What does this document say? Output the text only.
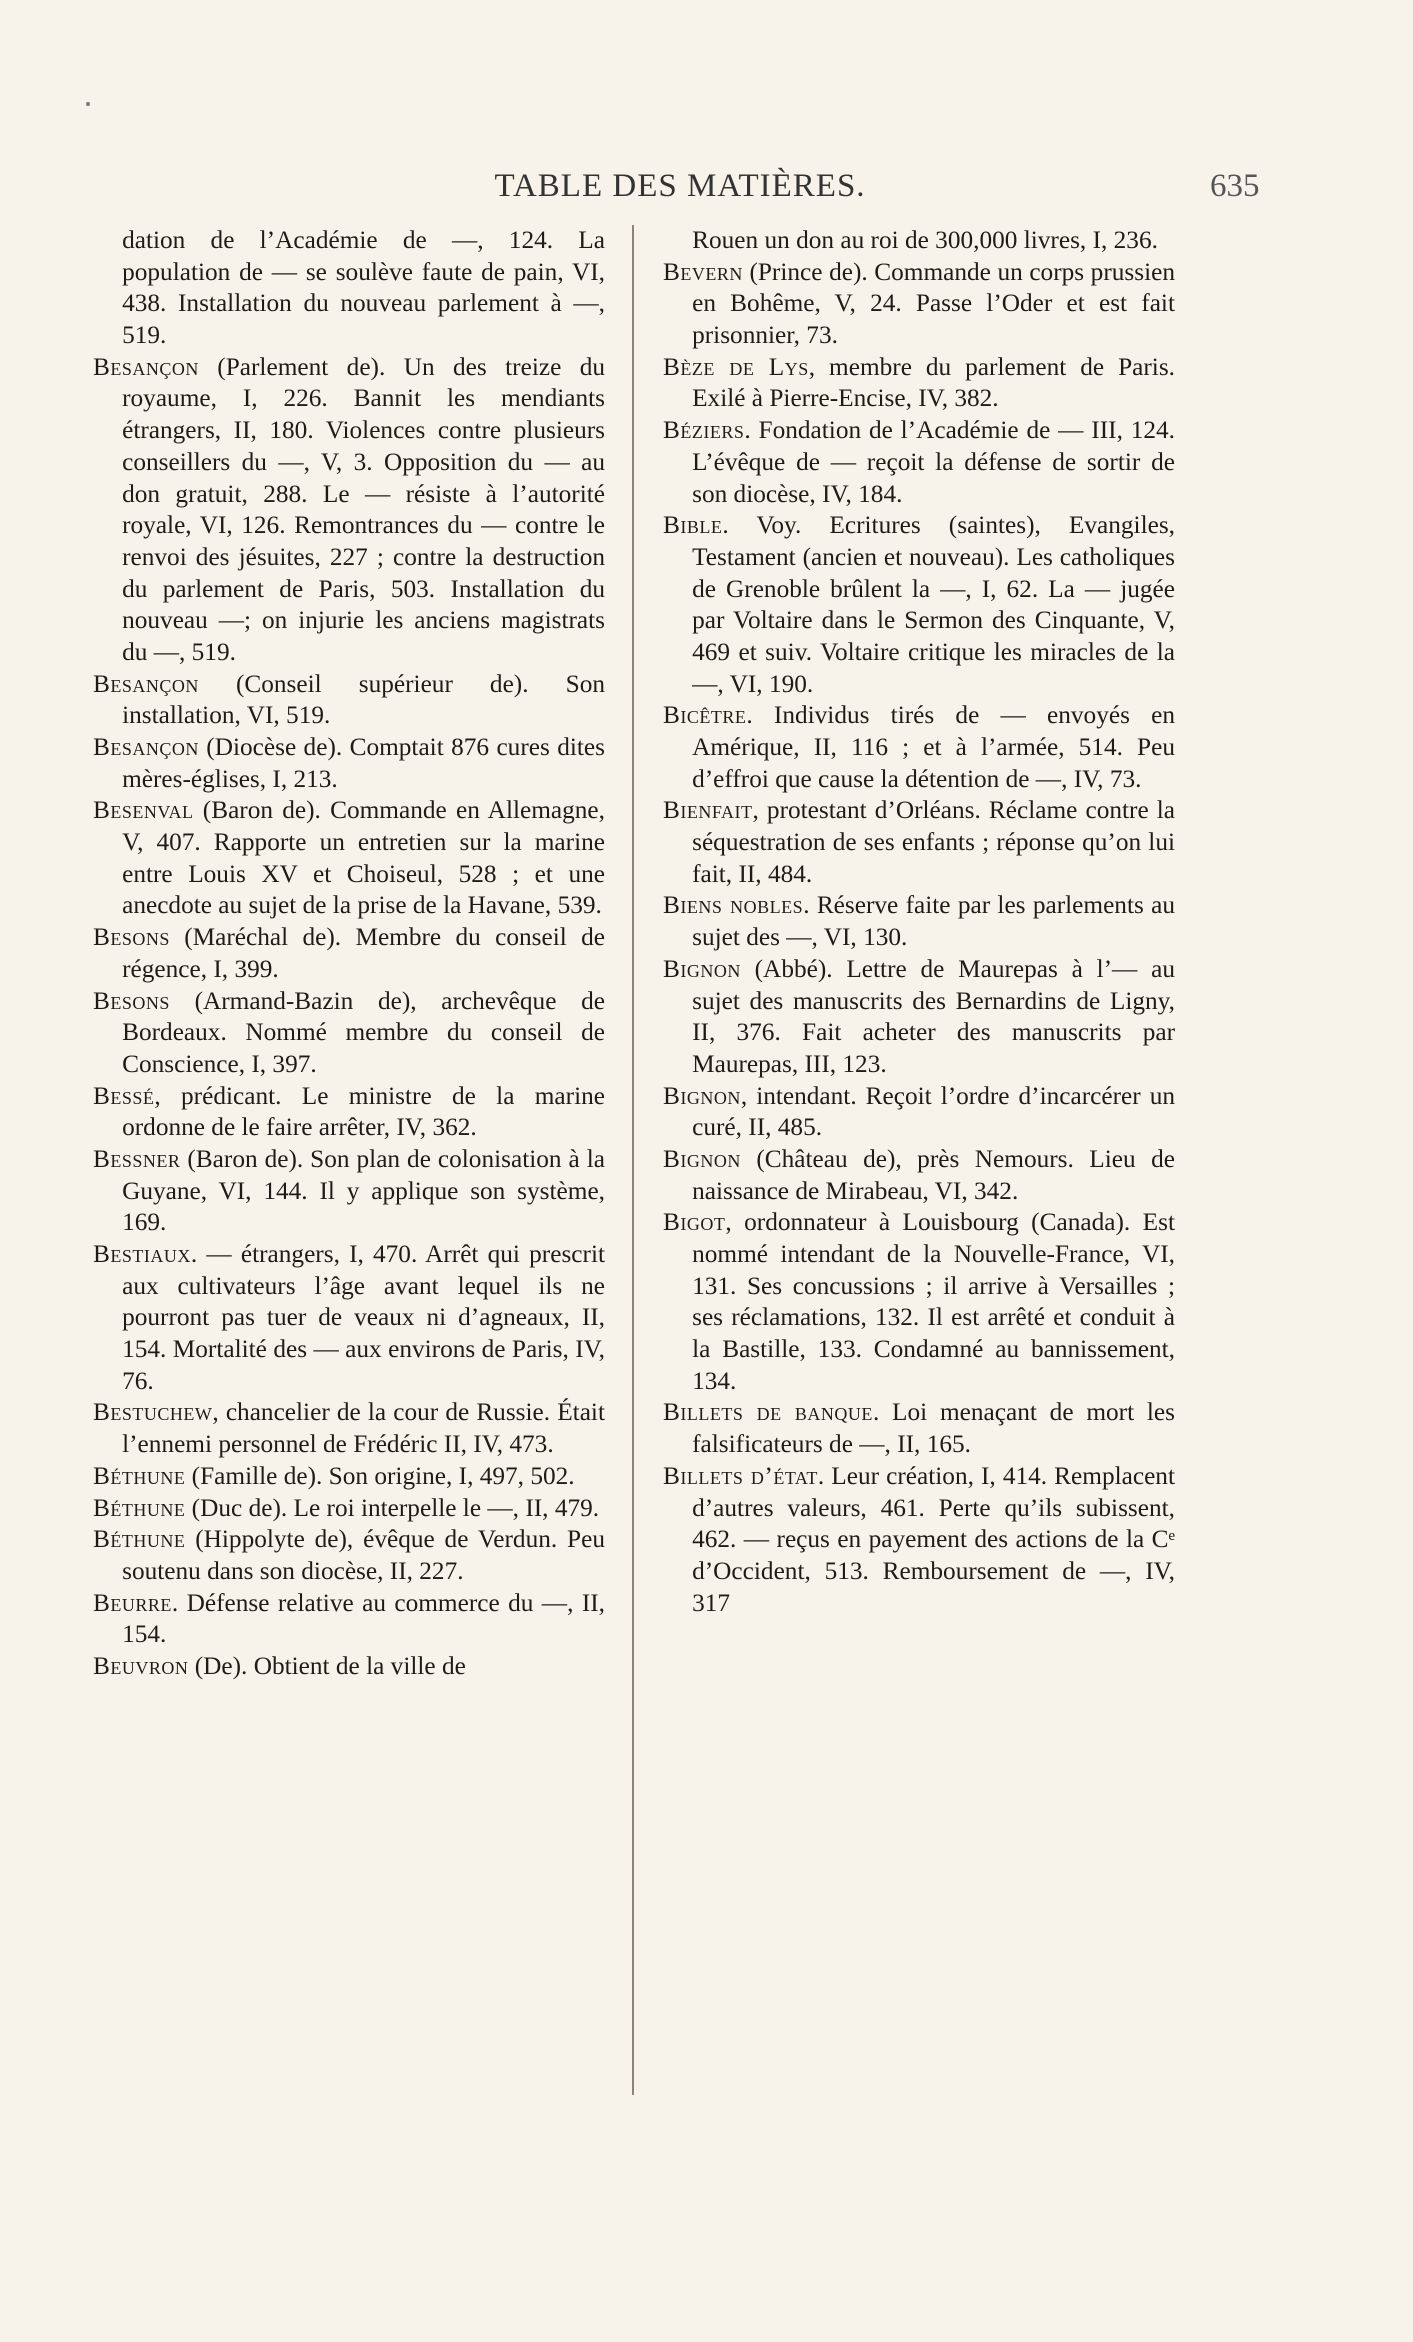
TABLE DES MATIÈRES.	635

dation de l’Académie de —, 124. La population de — se soulève faute de pain, VI, 438. Installation du nouveau parlement à —, 519.

Besançon (Parlement de). Un des treize du royaume, I, 226. Bannit les mendiants étrangers, II, 180. Violences contre plusieurs conseillers du —, V, 3. Opposition du — au don gratuit, 288. Le — résiste à l’autorité royale, VI, 126. Remontrances du — contre le renvoi des jésuites, 227 ; contre la destruction du parlement de Paris, 503. Installation du nouveau —; on injurie les anciens magistrats du —, 519.

Besançon (Conseil supérieur de). Son installation, VI, 519.

Besançon (Diocèse de). Comptait 876 cures dites mères-églises, I, 213.

Besenval (Baron de). Commande en Allemagne, V, 407. Rapporte un entretien sur la marine entre Louis XV et Choiseul, 528 ; et une anecdote au sujet de la prise de la Havane, 539.

Besons (Maréchal de). Membre du conseil de régence, I, 399.

Besons (Armand-Bazin de), archevêque de Bordeaux. Nommé membre du conseil de Conscience, I, 397.

Bessé, prédicant. Le ministre de la marine ordonne de le faire arrêter, IV, 362.

Bessner (Baron de). Son plan de colonisation à la Guyane, VI, 144. Il y applique son système, 169.

Bestiaux. — étrangers, I, 470. Arrêt qui prescrit aux cultivateurs l’âge avant lequel ils ne pourront pas tuer de veaux ni d’agneaux, II, 154. Mortalité des — aux environs de Paris, IV, 76.

Bestuchew, chancelier de la cour de Russie. Était l’ennemi personnel de Frédéric II, IV, 473.

Béthune (Famille de). Son origine, I, 497, 502.

Béthune (Duc de). Le roi interpelle le —, II, 479.

Béthune (Hippolyte de), évêque de Verdun. Peu soutenu dans son diocèse, II, 227.

Beurre. Défense relative au commerce du —, II, 154.

Beuvron (De). Obtient de la ville de

Rouen un don au roi de 300,000 livres, I, 236.

Bevern (Prince de). Commande un corps prussien en Bohême, V, 24. Passe l’Oder et est fait prisonnier, 73.

Bèze de Lys, membre du parlement de Paris. Exilé à Pierre-Encise, IV, 382.

Béziers. Fondation de l’Académie de — III, 124. L’évêque de — reçoit la défense de sortir de son diocèse, IV, 184.

Bible. Voy. Ecritures (saintes), Evangiles, Testament (ancien et nouveau). Les catholiques de Grenoble brûlent la —, I, 62. La — jugée par Voltaire dans le Sermon des Cinquante, V, 469 et suiv. Voltaire critique les miracles de la —, VI, 190.

Bicêtre. Individus tirés de — envoyés en Amérique, II, 116 ; et à l’armée, 514. Peu d’effroi que cause la détention de —, IV, 73.

Bienfait, protestant d’Orléans. Réclame contre la séquestration de ses enfants ; réponse qu’on lui fait, II, 484.

Biens nobles. Réserve faite par les parlements au sujet des —, VI, 130.

Bignon (Abbé). Lettre de Maurepas à l’— au sujet des manuscrits des Bernardins de Ligny, II, 376. Fait acheter des manuscrits par Maurepas, III, 123.

Bignon, intendant. Reçoit l’ordre d’incarcérer un curé, II, 485.

Bignon (Château de), près Nemours. Lieu de naissance de Mirabeau, VI, 342.

Bigot, ordonnateur à Louisbourg (Canada). Est nommé intendant de la Nouvelle-France, VI, 131. Ses concussions ; il arrive à Versailles ; ses réclamations, 132. Il est arrêté et conduit à la Bastille, 133. Condamné au bannissement, 134.

Billets de banque. Loi menaçant de mort les falsificateurs de —, II, 165.

Billets d’état. Leur création, I, 414. Remplacent d’autres valeurs, 461. Perte qu’ils subissent, 462. — reçus en payement des actions de la Cᵉ d’Occident, 513. Remboursement de —, IV, 317
